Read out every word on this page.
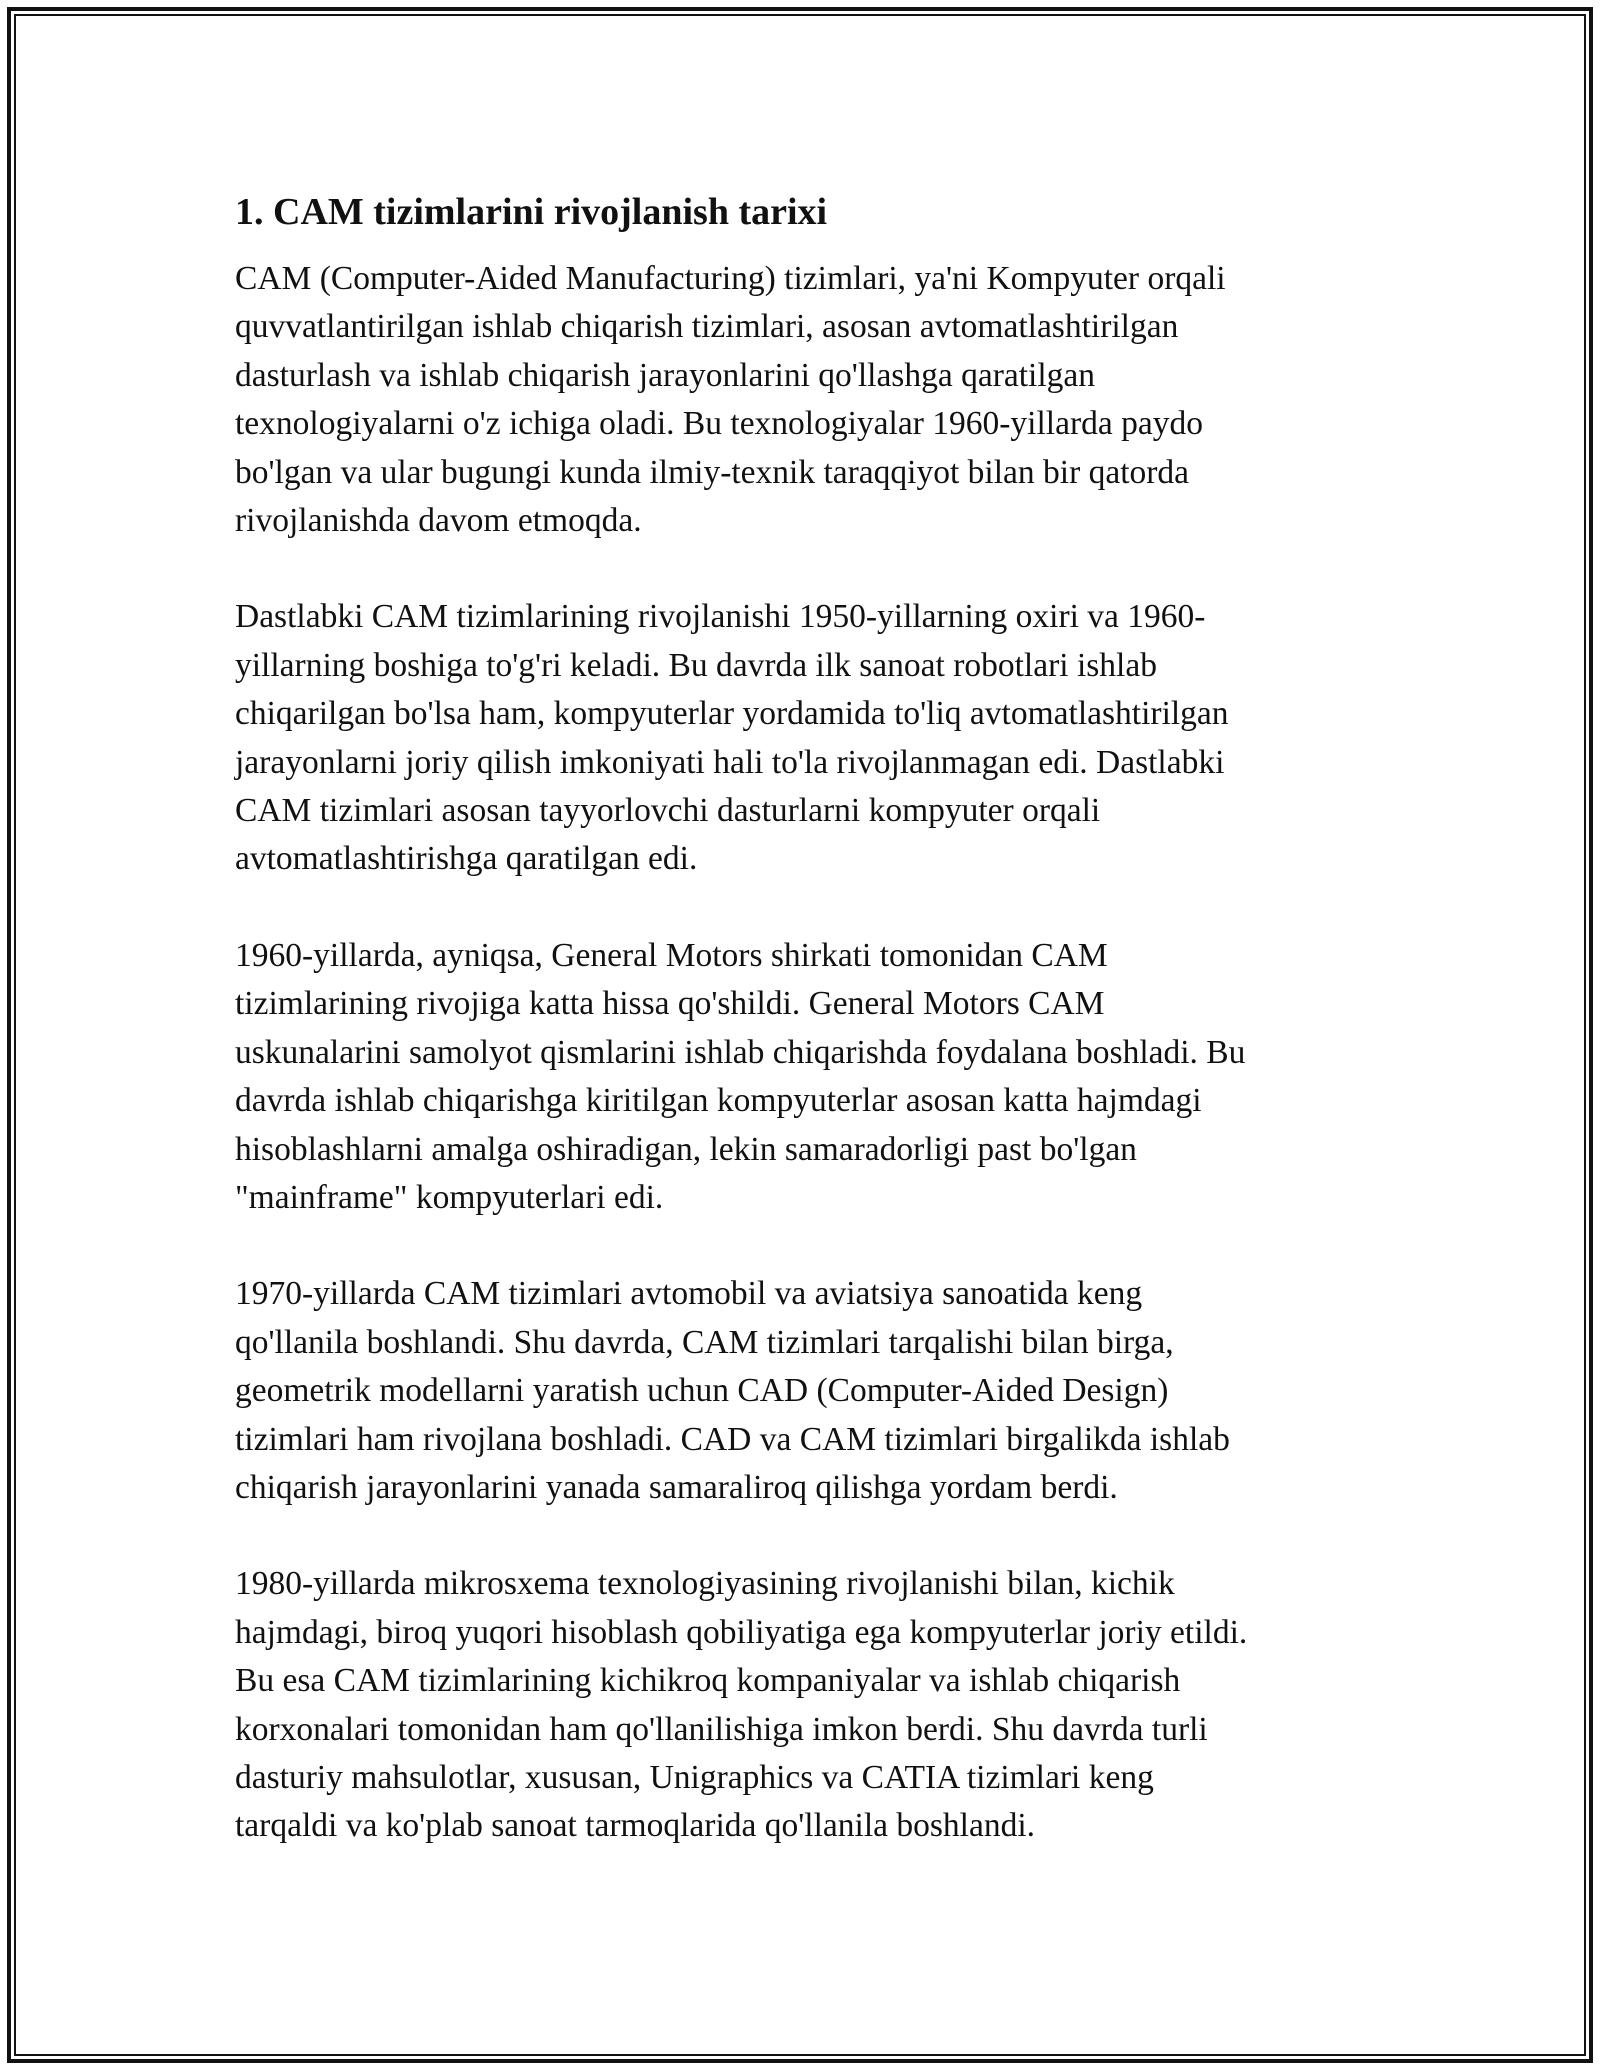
1. CAM tizimlarini rivojlanish tarixi

CAM (Computer-Aided Manufacturing) tizimlari, ya'ni Kompyuter orqali
quvvatlantirilgan ishlab chiqarish tizimlari, asosan avtomatlashtirilgan
dasturlash va ishlab chiqarish jarayonlarini qo'llashga qaratilgan
texnologiyalarni o'z ichiga oladi. Bu texnologiyalar 1960-yillarda paydo
bo'lgan va ular bugungi kunda ilmiy-texnik taraqqiyot bilan bir qatorda
rivojlanishda davom etmoqda.

Dastlabki CAM tizimlarining rivojlanishi 1950-yillarning oxiri va 1960-
yillarning boshiga to'g'ri keladi. Bu davrda ilk sanoat robotlari ishlab
chiqarilgan bo'lsa ham, kompyuterlar yordamida to'liq avtomatlashtirilgan
jarayonlarni joriy qilish imkoniyati hali to'la rivojlanmagan edi. Dastlabki
CAM tizimlari asosan tayyorlovchi dasturlarni kompyuter orqali
avtomatlashtirishga qaratilgan edi.

1960-yillarda, ayniqsa, General Motors shirkati tomonidan CAM
tizimlarining rivojiga katta hissa qo'shildi. General Motors CAM
uskunalarini samolyot qismlarini ishlab chiqarishda foydalana boshladi. Bu
davrda ishlab chiqarishga kiritilgan kompyuterlar asosan katta hajmdagi
hisoblashlarni amalga oshiradigan, lekin samaradorligi past bo'lgan
"mainframe" kompyuterlari edi.

1970-yillarda CAM tizimlari avtomobil va aviatsiya sanoatida keng
qo'llanila boshlandi. Shu davrda, CAM tizimlari tarqalishi bilan birga,
geometrik modellarni yaratish uchun CAD (Computer-Aided Design)
tizimlari ham rivojlana boshladi. CAD va CAM tizimlari birgalikda ishlab
chiqarish jarayonlarini yanada samaraliroq qilishga yordam berdi.

1980-yillarda mikrosxema texnologiyasining rivojlanishi bilan, kichik
hajmdagi, biroq yuqori hisoblash qobiliyatiga ega kompyuterlar joriy etildi.
Bu esa CAM tizimlarining kichikroq kompaniyalar va ishlab chiqarish
korxonalari tomonidan ham qo'llanilishiga imkon berdi. Shu davrda turli
dasturiy mahsulotlar, xususan, Unigraphics va CATIA tizimlari keng
tarqaldi va ko'plab sanoat tarmoqlarida qo'llanila boshlandi.
